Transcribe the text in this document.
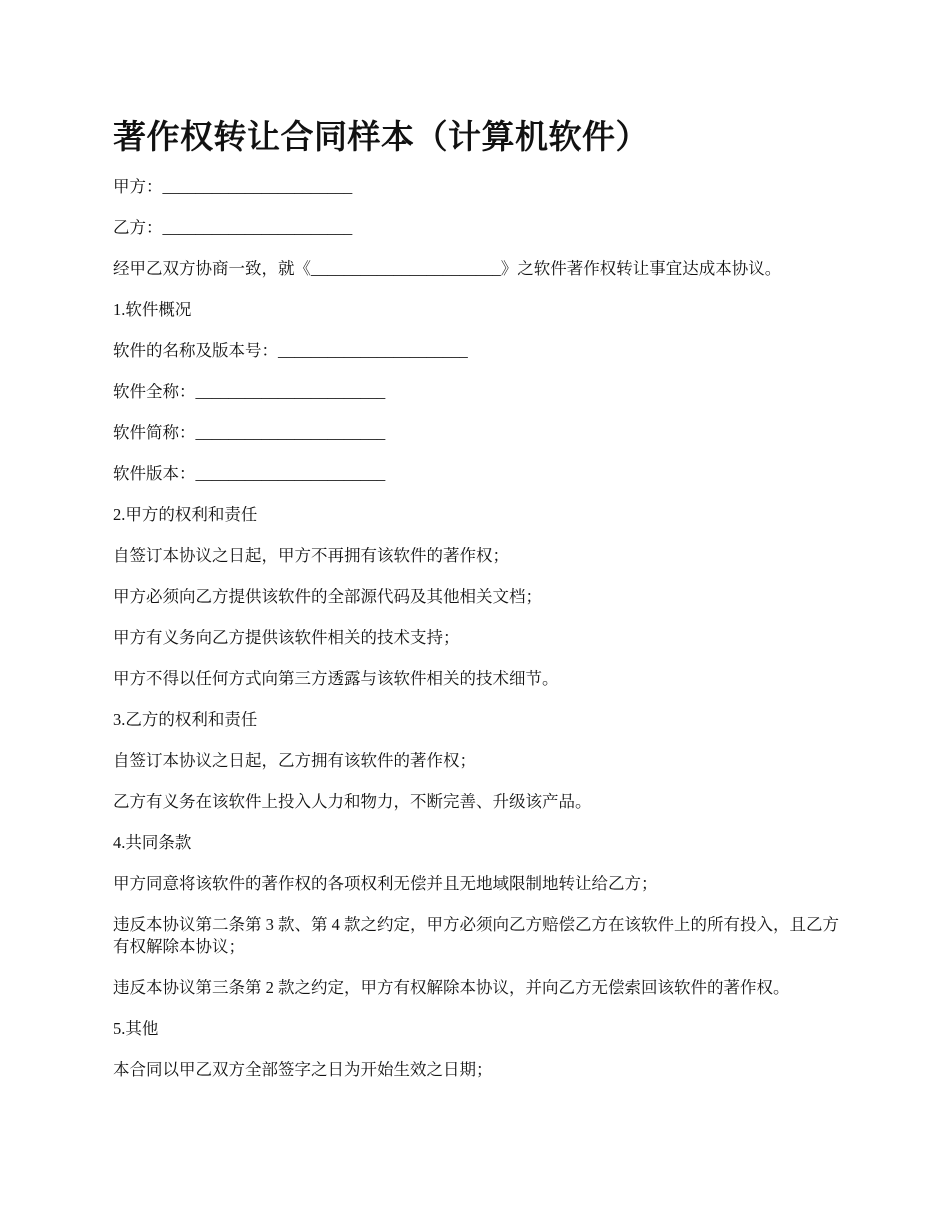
著作权转让合同样本（计算机软件）
甲方：_______________________
乙方：_______________________
经甲乙双方协商一致，就《_______________________》之软件著作权转让事宜达成本协议。
1.软件概况
软件的名称及版本号：_______________________
软件全称：_______________________
软件简称：_______________________
软件版本：_______________________
2.甲方的权利和责任
自签订本协议之日起，甲方不再拥有该软件的著作权；
甲方必须向乙方提供该软件的全部源代码及其他相关文档；
甲方有义务向乙方提供该软件相关的技术支持；
甲方不得以任何方式向第三方透露与该软件相关的技术细节。
3.乙方的权利和责任
自签订本协议之日起，乙方拥有该软件的著作权；
乙方有义务在该软件上投入人力和物力，不断完善、升级该产品。
4.共同条款
甲方同意将该软件的著作权的各项权利无偿并且无地域限制地转让给乙方；
违反本协议第二条第 3 款、第 4 款之约定，甲方必须向乙方赔偿乙方在该软件上的所有投入，且乙方有权解除本协议；
违反本协议第三条第 2 款之约定，甲方有权解除本协议，并向乙方无偿索回该软件的著作权。
5.其他
本合同以甲乙双方全部签字之日为开始生效之日期；
